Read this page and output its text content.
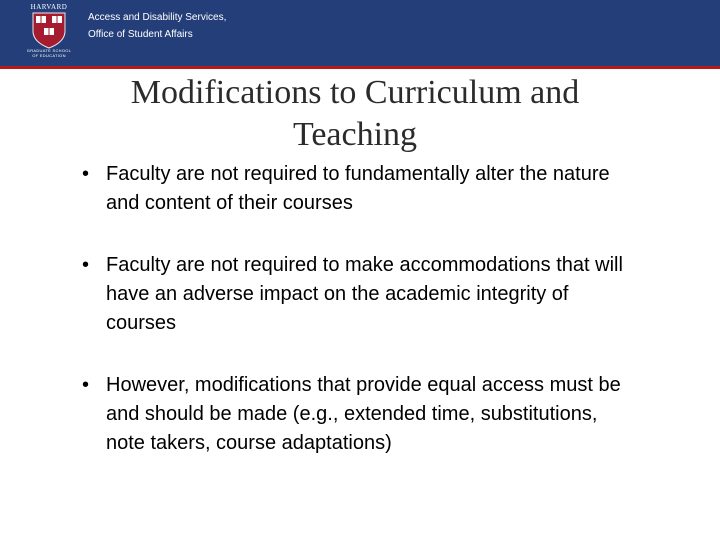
HARVARD
GRADUATE SCHOOL OF EDUCATION
Access and Disability Services,
Office of Student Affairs
Modifications to Curriculum and Teaching
• Faculty are not required to fundamentally alter the nature and content of their courses
• Faculty are not required to make accommodations that will have an adverse impact on the academic integrity of courses
• However, modifications that provide equal access must be and should be made (e.g., extended time, substitutions, note takers, course adaptations)
